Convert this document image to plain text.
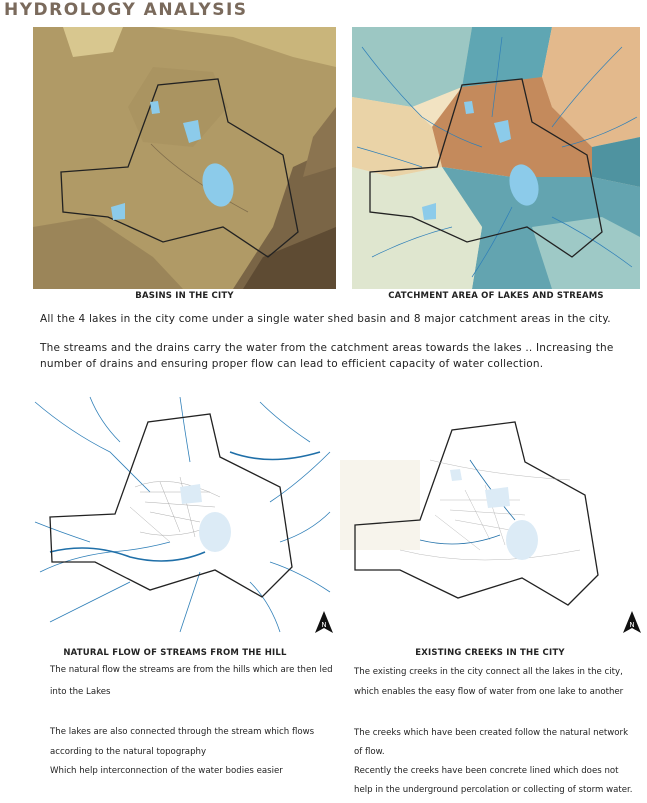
HYDROLOGY ANALYSIS
BASINS IN THE CITY	CATCHMENT AREA OF LAKES AND STREAMS
All the 4 lakes in the city come under a single water shed basin and 8 major catchment areas in the city.
The streams and the drains carry the water from the catchment areas towards the lakes .. Increasing the number of drains and ensuring proper flow can lead to efficient capacity of water collection.
N
NATURAL FLOW OF STREAMS FROM THE HILL
N
EXISTING CREEKS IN THE CITY
The natural flow the streams are from the hills which are then led
into the Lakes
The lakes are also connected through the stream which flows
according to the natural topography
Which help interconnection of the water bodies easier
The existing creeks in the city connect all the lakes in the city,
which enables the easy flow of water from one lake to another
The creeks which have been created follow the natural network
of flow.
Recently the creeks have been concrete lined which does not
help in the underground percolation or collecting of storm water.
